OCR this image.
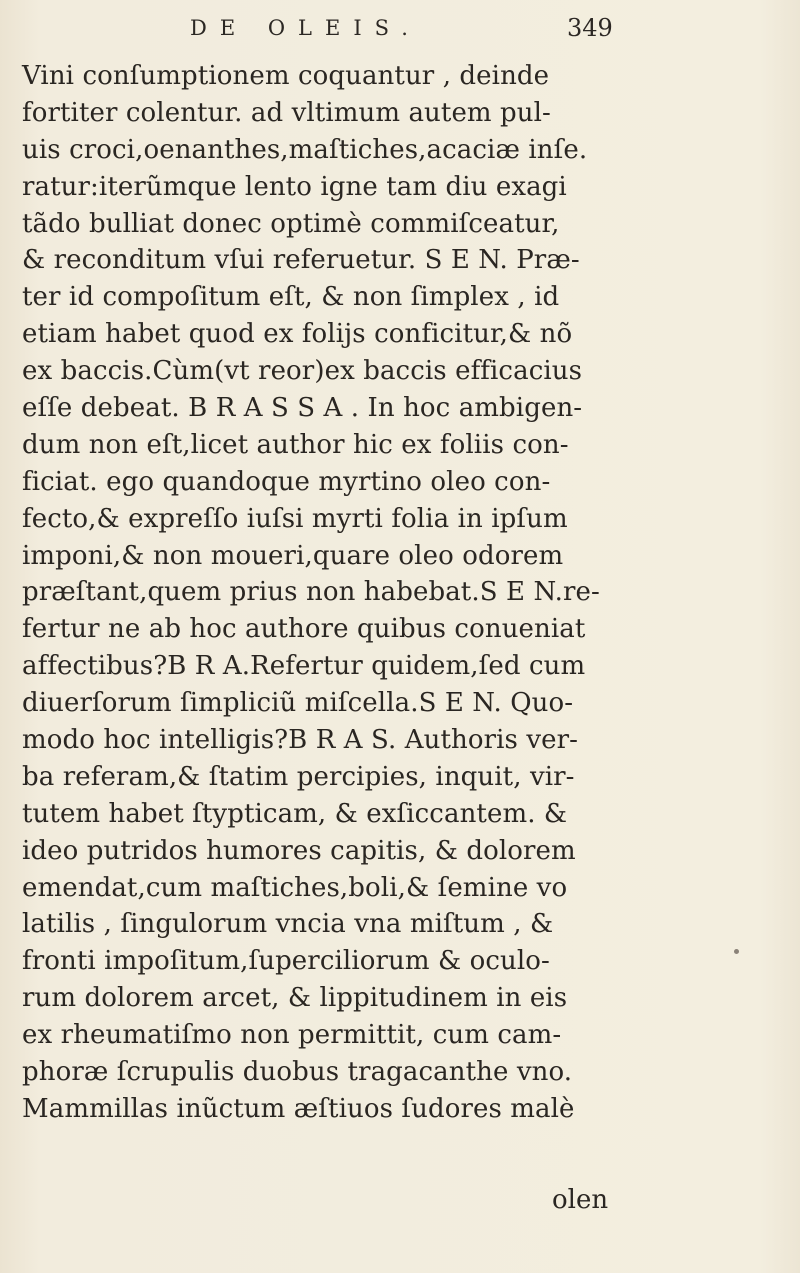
DE OLEIS.	349
Vini conſumptionem coquantur , deinde
fortiter colentur. ad vltimum autem pul-
uis croci,oenanthes,maſtiches,acaciæ inſe.
ratur:iterũmque lento igne tam diu exagi
tãdo bulliat donec optimè commiſceatur,
& reconditum vſui referuetur. S E N. Præ-
ter id compoſitum eſt, & non ſimplex , id
etiam habet quod ex folijs conficitur,& nõ
ex baccis.Cùm(vt reor)ex baccis efficacius
eſſe debeat. B R A S S A . In hoc ambigen-
dum non eſt,licet author hic ex foliis con-
ficiat. ego quandoque myrtino oleo con-
fecto,& expreſſo iuſsi myrti folia in ipſum
imponi,& non moueri,quare oleo odorem
præſtant,quem prius non habebat.S E N.re-
fertur ne ab hoc authore quibus conueniat
affectibus?B R A.Refertur quidem,ſed cum
diuerſorum ſimpliciũ miſcella.S E N. Quo-
modo hoc intelligis?B R A S. Authoris ver-
ba referam,& ſtatim percipies, inquit, vir-
tutem habet ſtypticam, & exſiccantem. &
ideo putridos humores capitis, & dolorem
emendat,cum maſtiches,boli,& ſemine vo
latilis , ſingulorum vncia vna miſtum , &
fronti impoſitum,ſuperciliorum & oculo-
rum dolorem arcet, & lippitudinem in eis
ex rheumatiſmo non permittit, cum cam-
phoræ ſcrupulis duobus tragacanthe vno.
Mammillas inũctum æſtiuos ſudores malè
olen
